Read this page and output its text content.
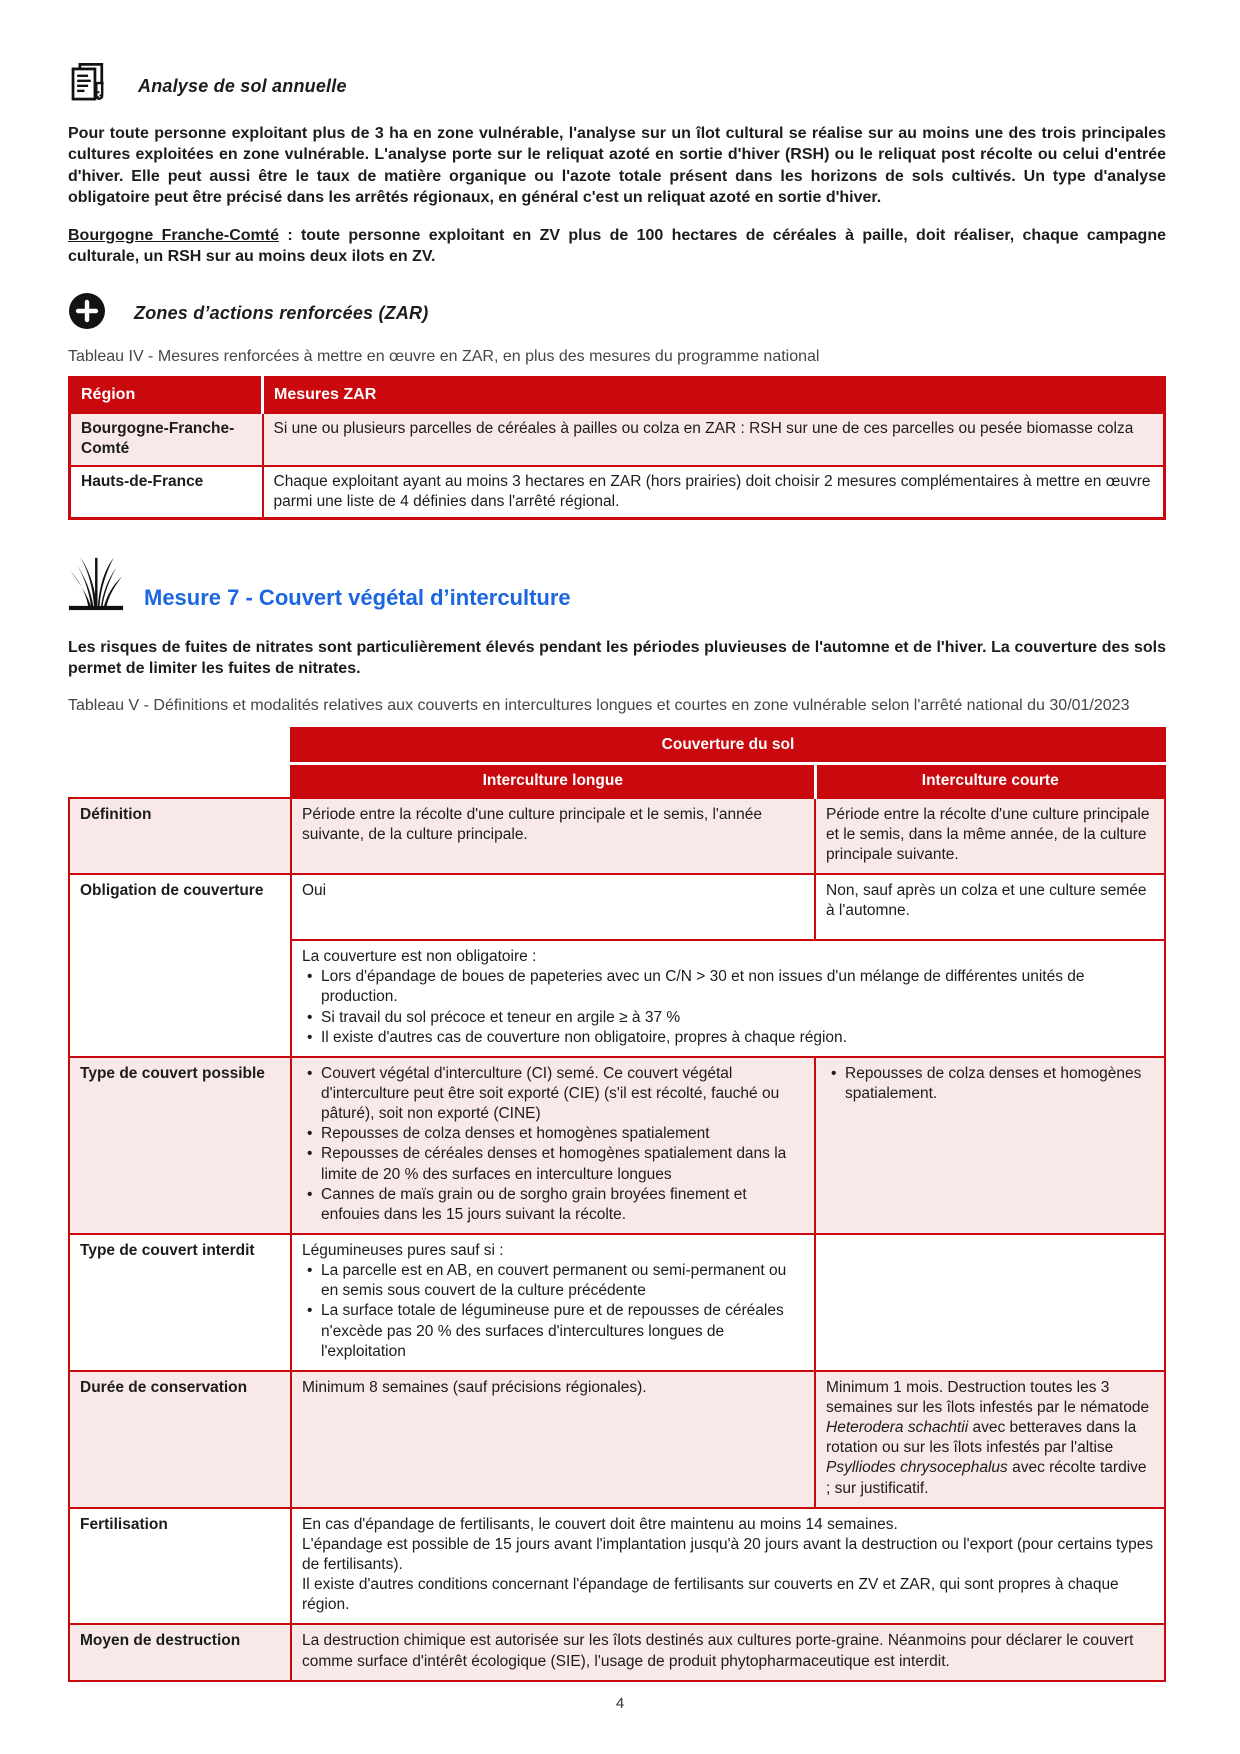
Analyse de sol annuelle

Pour toute personne exploitant plus de 3 ha en zone vulnérable, l'analyse sur un îlot cultural se réalise sur au moins une des trois principales cultures exploitées en zone vulnérable. L'analyse porte sur le reliquat azoté en sortie d'hiver (RSH) ou le reliquat post récolte ou celui d'entrée d'hiver. Elle peut aussi être le taux de matière organique ou l'azote totale présent dans les horizons de sols cultivés. Un type d'analyse obligatoire peut être précisé dans les arrêtés régionaux, en général c'est un reliquat azoté en sortie d'hiver.

Bourgogne Franche-Comté : toute personne exploitant en ZV plus de 100 hectares de céréales à paille, doit réaliser, chaque campagne culturale, un RSH sur au moins deux ilots en ZV.

Zones d’actions renforcées (ZAR)
Tableau IV - Mesures renforcées à mettre en œuvre en ZAR, en plus des mesures du programme national
Région	Mesures ZAR
Bourgogne-Franche-Comté	Si une ou plusieurs parcelles de céréales à pailles ou colza en ZAR : RSH sur une de ces parcelles ou pesée biomasse colza
Hauts-de-France	Chaque exploitant ayant au moins 3 hectares en ZAR (hors prairies) doit choisir 2 mesures complémentaires à mettre en œuvre parmi une liste de 4 définies dans l'arrêté régional.
Mesure 7 - Couvert végétal d’interculture

Les risques de fuites de nitrates sont particulièrement élevés pendant les périodes pluvieuses de l'automne et de l'hiver. La couverture des sols permet de limiter les fuites de nitrates.

Tableau V - Définitions et modalités relatives aux couverts en intercultures longues et courtes en zone vulnérable selon l'arrêté national du 30/01/2023
	Couverture du sol	
	Interculture longue	Interculture courte
Définition	Période entre la récolte d'une culture principale et le semis, l'année suivante, de la culture principale.	Période entre la récolte d'une culture principale et le semis, dans la même année, de la culture principale suivante.
Obligation de couverture	Oui	Non, sauf après un colza et une culture semée à l'automne.

	La couverture est non obligatoire :
• Lors d'épandage de boues de papeteries avec un C/N > 30 et non issues d'un mélange de différentes unités de production.
• Si travail du sol précoce et teneur en argile ≥ à 37 %
• Il existe d'autres cas de couverture non obligatoire, propres à chaque région.

Type de couvert possible	• Couvert végétal d'interculture (CI) semé. Ce couvert végétal d'interculture peut être soit exporté (CIE) (s'il est récolté, fauché ou pâturé), soit non exporté (CINE)
• Repousses de colza denses et homogènes spatialement
• Repousses de céréales denses et homogènes spatialement dans la limite de 20 % des surfaces en interculture longues
• Cannes de maïs grain ou de sorgho grain broyées finement et enfouies dans les 15 jours suivant la récolte.	• Repousses de colza denses et homogènes spatialement.

Type de couvert interdit	Légumineuses pures sauf si :
• La parcelle est en AB, en couvert permanent ou semi-permanent ou en semis sous couvert de la culture précédente
• La surface totale de légumineuse pure et de repousses de céréales n'excède pas 20 % des surfaces d'intercultures longues de l'exploitation

Durée de conservation	Minimum 8 semaines (sauf précisions régionales).	Minimum 1 mois. Destruction toutes les 3 semaines sur les îlots infestés par le nématode Heterodera schachtii avec betteraves dans la rotation ou sur les îlots infestés par l'altise Psylliodes chrysocephalus avec récolte tardive ; sur justificatif.
Fertilisation	En cas d'épandage de fertilisants, le couvert doit être maintenu au moins 14 semaines.
L'épandage est possible de 15 jours avant l'implantation jusqu'à 20 jours avant la destruction ou l'export (pour certains types de fertilisants).
Il existe d'autres conditions concernant l'épandage de fertilisants sur couverts en ZV et ZAR, qui sont propres à chaque région.	

Moyen de destruction	La destruction chimique est autorisée sur les îlots destinés aux cultures porte-graine. Néanmoins pour déclarer le couvert comme surface d'intérêt écologique (SIE), l'usage de produit phytopharmaceutique est interdit.	
4
